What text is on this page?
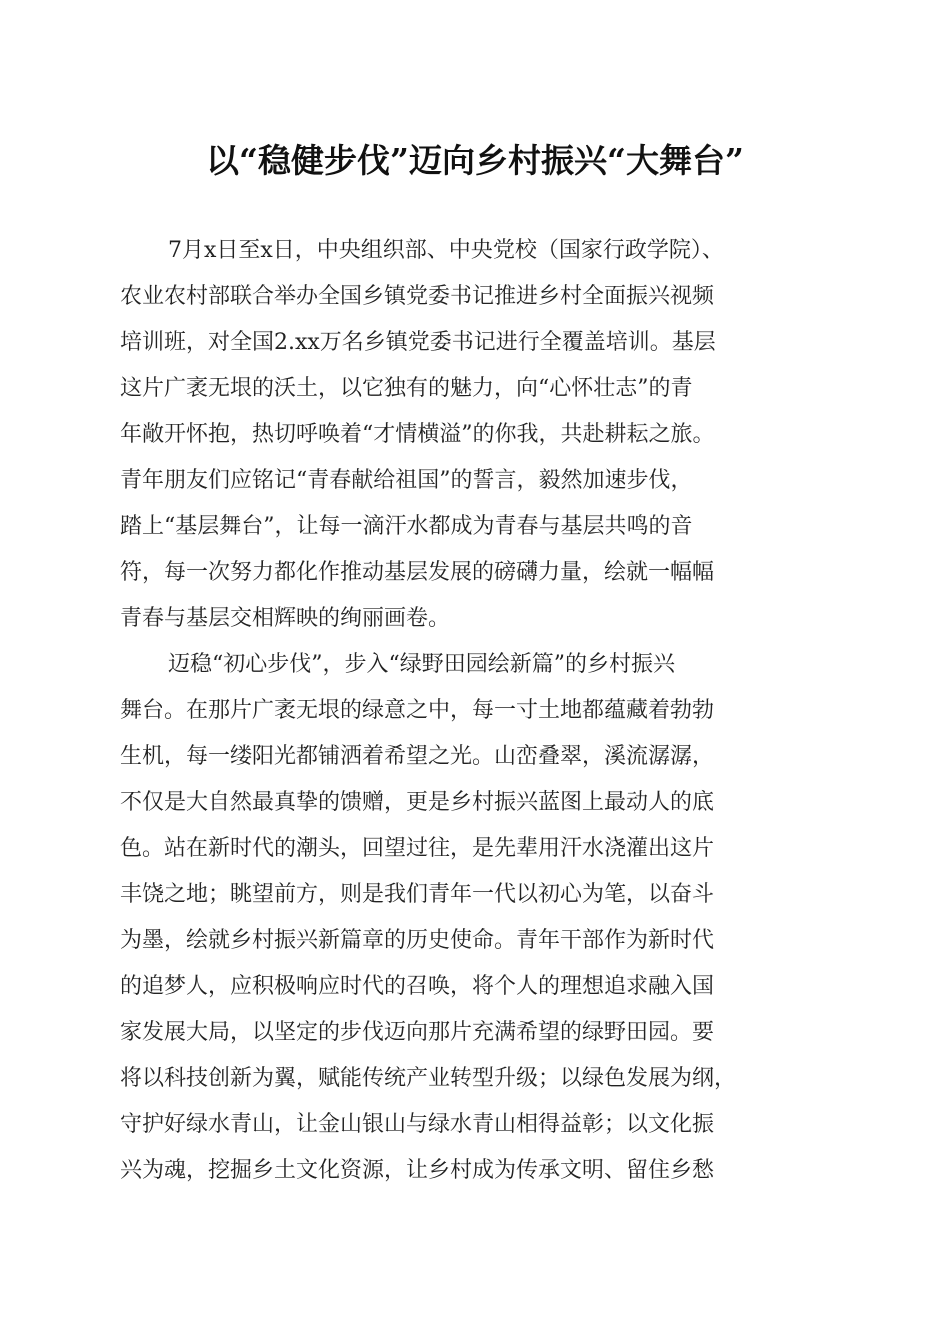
以“稳健步伐”迈向乡村振兴“大舞台”
7月x日至x日，中央组织部、中央党校（国家行政学院）、
农业农村部联合举办全国乡镇党委书记推进乡村全面振兴视频
培训班，对全国2.xx万名乡镇党委书记进行全覆盖培训。基层
这片广袤无垠的沃土，以它独有的魅力，向“心怀壮志”的青
年敞开怀抱，热切呼唤着“才情横溢”的你我，共赴耕耘之旅。
青年朋友们应铭记“青春献给祖国”的誓言，毅然加速步伐，
踏上“基层舞台”，让每一滴汗水都成为青春与基层共鸣的音
符，每一次努力都化作推动基层发展的磅礴力量，绘就一幅幅
青春与基层交相辉映的绚丽画卷。
迈稳“初心步伐”，步入“绿野田园绘新篇”的乡村振兴
舞台。在那片广袤无垠的绿意之中，每一寸土地都蕴藏着勃勃
生机，每一缕阳光都铺洒着希望之光。山峦叠翠，溪流潺潺，
不仅是大自然最真挚的馈赠，更是乡村振兴蓝图上最动人的底
色。站在新时代的潮头，回望过往，是先辈用汗水浇灌出这片
丰饶之地；眺望前方，则是我们青年一代以初心为笔，以奋斗
为墨，绘就乡村振兴新篇章的历史使命。青年干部作为新时代
的追梦人，应积极响应时代的召唤，将个人的理想追求融入国
家发展大局，以坚定的步伐迈向那片充满希望的绿野田园。要
将以科技创新为翼，赋能传统产业转型升级；以绿色发展为纲，
守护好绿水青山，让金山银山与绿水青山相得益彰；以文化振
兴为魂，挖掘乡土文化资源，让乡村成为传承文明、留住乡愁
